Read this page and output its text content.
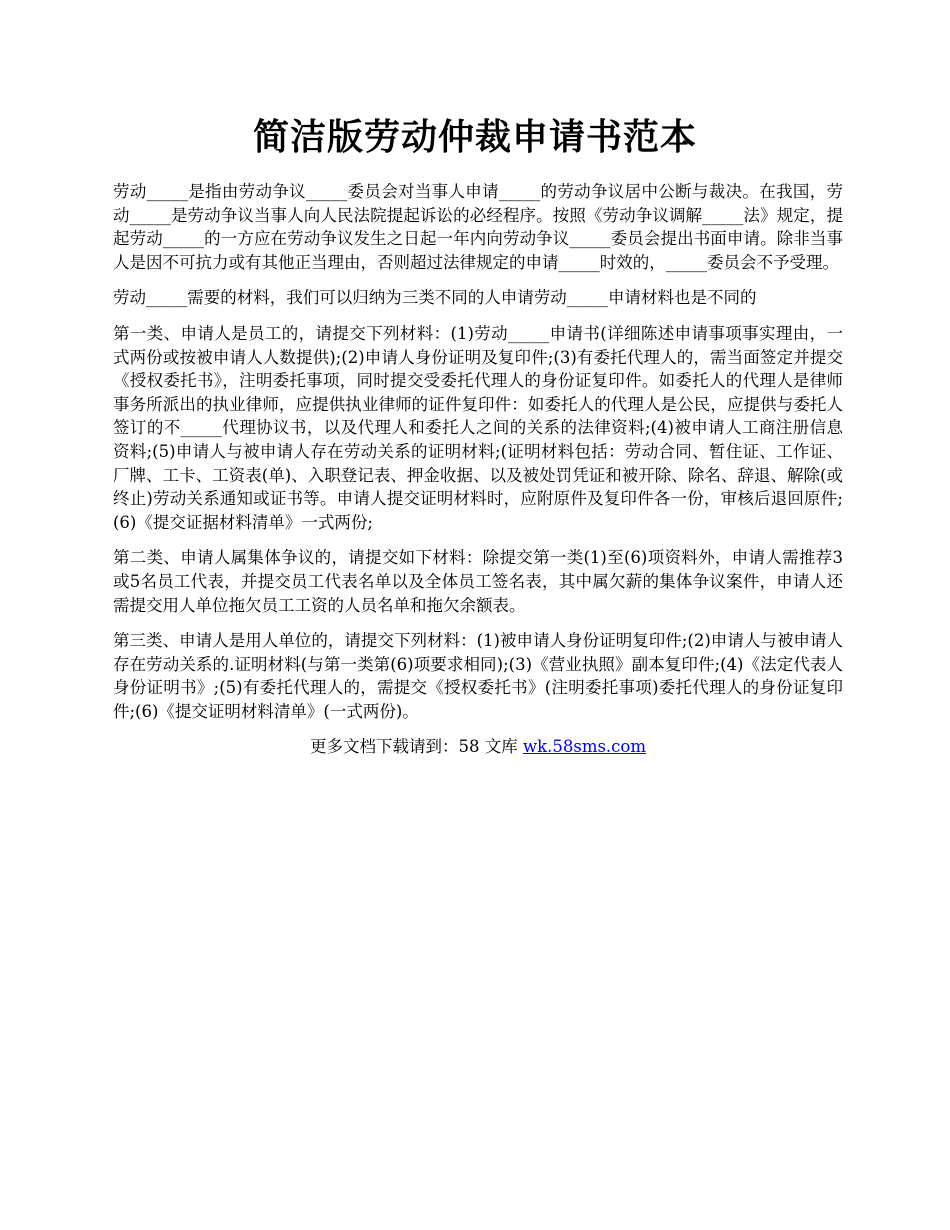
简洁版劳动仲裁申请书范本

劳动_____是指由劳动争议_____委员会对当事人申请_____的劳动争议居中公断与裁决。在我国，劳动_____是劳动争议当事人向人民法院提起诉讼的必经程序。按照《劳动争议调解_____法》规定，提起劳动_____的一方应在劳动争议发生之日起一年内向劳动争议_____委员会提出书面申请。除非当事人是因不可抗力或有其他正当理由，否则超过法律规定的申请_____时效的，_____委员会不予受理。

劳动_____需要的材料，我们可以归纳为三类不同的人申请劳动_____申请材料也是不同的

第一类、申请人是员工的，请提交下列材料：(1)劳动_____申请书(详细陈述申请事项事实理由，一式两份或按被申请人人数提供);(2)申请人身份证明及复印件;(3)有委托代理人的，需当面签定并提交《授权委托书》，注明委托事项，同时提交受委托代理人的身份证复印件。如委托人的代理人是律师事务所派出的执业律师，应提供执业律师的证件复印件：如委托人的代理人是公民，应提供与委托人签订的不_____代理协议书，以及代理人和委托人之间的关系的法律资料;(4)被申请人工商注册信息资料;(5)申请人与被申请人存在劳动关系的证明材料;(证明材料包括：劳动合同、暂住证、工作证、厂牌、工卡、工资表(单)、入职登记表、押金收据、以及被处罚凭证和被开除、除名、辞退、解除(或终止)劳动关系通知或证书等。申请人提交证明材料时，应附原件及复印件各一份，审核后退回原件;(6)《提交证据材料清单》一式两份;

第二类、申请人属集体争议的，请提交如下材料：除提交第一类(1)至(6)项资料外，申请人需推荐3或5名员工代表，并提交员工代表名单以及全体员工签名表，其中属欠薪的集体争议案件，申请人还需提交用人单位拖欠员工工资的人员名单和拖欠余额表。

第三类、申请人是用人单位的，请提交下列材料：(1)被申请人身份证明复印件;(2)申请人与被申请人存在劳动关系的.证明材料(与第一类第(6)项要求相同);(3)《营业执照》副本复印件;(4)《法定代表人身份证明书》;(5)有委托代理人的，需提交《授权委托书》(注明委托事项)委托代理人的身份证复印件;(6)《提交证明材料清单》(一式两份)。

更多文档下载请到：58 文库 wk.58sms.com
